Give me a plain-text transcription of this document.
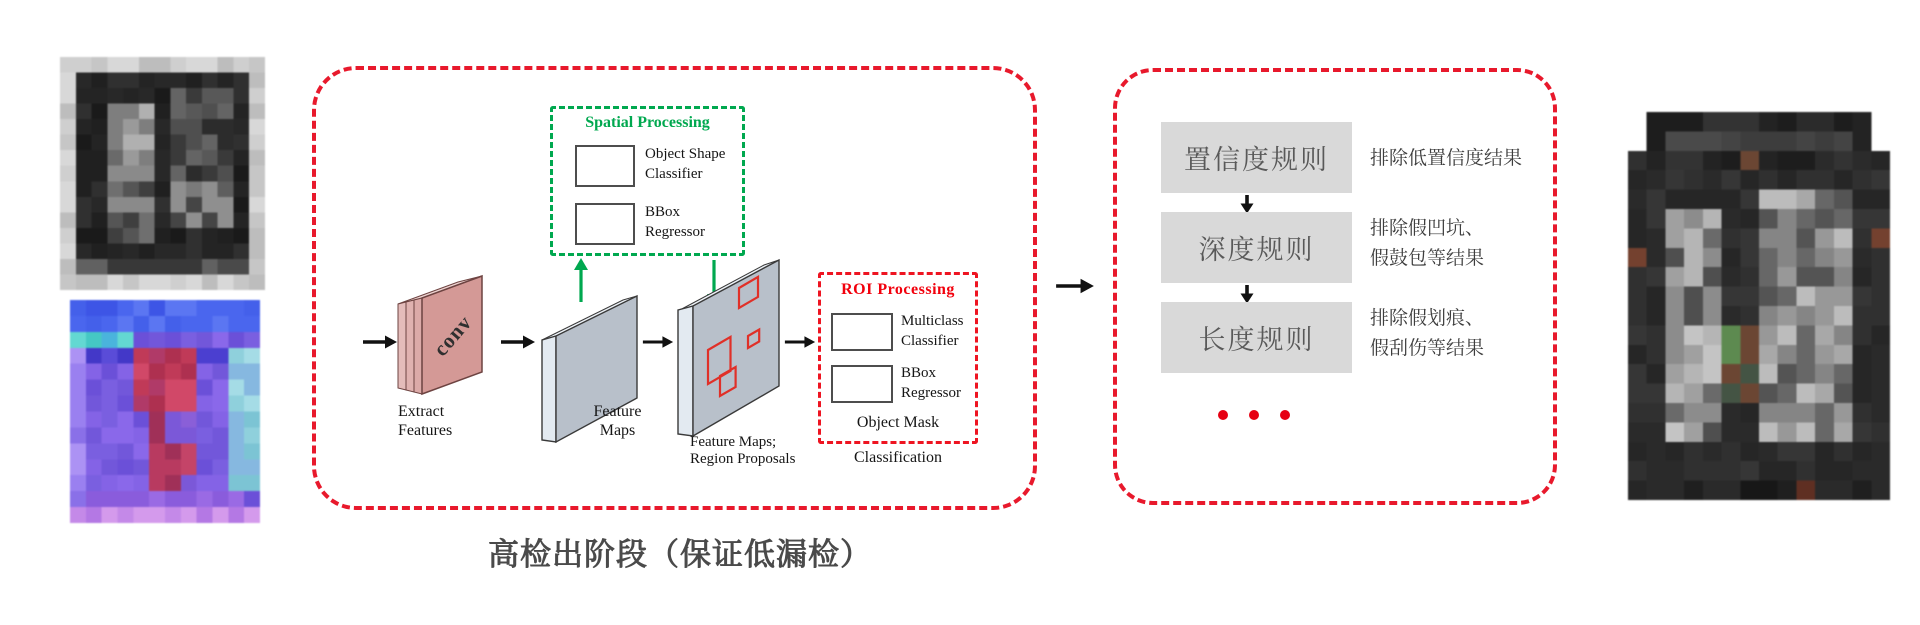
Spatial Processing
Object Shape
Classifier
BBox
Regressor
conv
Extract
Features
Feature
Maps
Feature Maps;
Region Proposals
ROI Processing
Multiclass
Classifier
BBox
Regressor
Object Mask
Classification
高检出阶段（保证低漏检）
置信度规则
深度规则
长度规则
排除低置信度结果
排除假凹坑、
假鼓包等结果
排除假划痕、
假刮伤等结果
